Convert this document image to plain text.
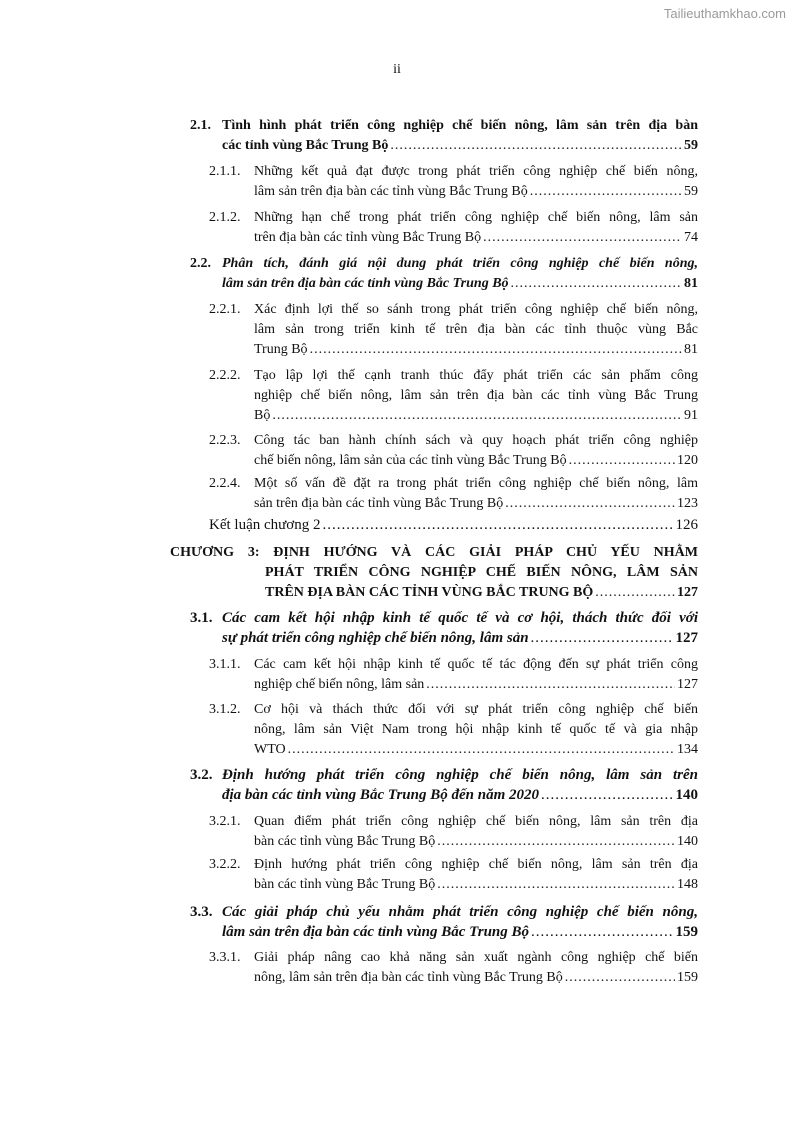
Tailieuthamkhao.com
ii
2.1. Tình hình phát triển công nghiệp chế biến nông, lâm sản trên địa bàn
các tỉnh vùng Bắc Trung Bộ .....	59
2.1.1. Những kết quả đạt được trong phát triển công nghiệp chế biến nông,
lâm sản trên địa bàn các tỉnh vùng Bắc Trung Bộ .....	59
2.1.2. Những hạn chế trong phát triển công nghiệp chế biến nông, lâm sản
trên địa bàn các tỉnh vùng Bắc Trung Bộ .....	74
2.2. Phân tích, đánh giá nội dung phát triển công nghiệp chế biến nông,
lâm sản trên địa bàn các tỉnh vùng Bắc Trung Bộ .....	81
2.2.1. Xác định lợi thế so sánh trong phát triển công nghiệp chế biến nông,
lâm sản trong triển kinh tế trên địa bàn các tỉnh thuộc vùng Bắc
Trung Bộ .....	81
2.2.2. Tạo lập lợi thế cạnh tranh thúc đẩy phát triển các sản phẩm công
nghiệp chế biến nông, lâm sản trên địa bàn các tỉnh vùng Bắc Trung
Bộ .....	91
2.2.3. Công tác ban hành chính sách và quy hoạch phát triển công nghiệp
chế biến nông, lâm sản của các tỉnh vùng Bắc Trung Bộ .....	120
2.2.4. Một số vấn đề đặt ra trong phát triển công nghiệp chế biến nông, lâm
sản trên địa bàn các tỉnh vùng Bắc Trung Bộ .....	123
Kết luận chương 2 .....	126
CHƯƠNG 3: ĐỊNH HƯỚNG VÀ CÁC GIẢI PHÁP CHỦ YẾU NHẰM
PHÁT TRIỂN CÔNG NGHIỆP CHẾ BIẾN NÔNG, LÂM SẢN
TRÊN ĐỊA BÀN CÁC TỈNH VÙNG BẮC TRUNG BỘ .....	127
3.1. Các cam kết hội nhập kinh tế quốc tế và cơ hội, thách thức đối với
sự phát triển công nghiệp chế biến nông, lâm sản .....	127
3.1.1. Các cam kết hội nhập kinh tế quốc tế tác động đến sự phát triển công
nghiệp chế biến nông, lâm sản .....	127
3.1.2. Cơ hội và thách thức đối với sự phát triển công nghiệp chế biến
nông, lâm sản Việt Nam trong hội nhập kinh tế quốc tế và gia nhập
WTO .....	134
3.2. Định hướng phát triển công nghiệp chế biến nông, lâm sản trên
địa bàn các tỉnh vùng Bắc Trung Bộ đến năm 2020 .....	140
3.2.1. Quan điểm phát triển công nghiệp chế biến nông, lâm sản trên địa
bàn các tỉnh vùng Bắc Trung Bộ .....	140
3.2.2. Định hướng phát triển công nghiệp chế biến nông, lâm sản trên địa
bàn các tỉnh vùng Bắc Trung Bộ .....	148
3.3. Các giải pháp chủ yếu nhằm phát triển công nghiệp chế biến nông,
lâm sản trên địa bàn các tỉnh vùng Bắc Trung Bộ .....	159
3.3.1. Giải pháp nâng cao khả năng sản xuất ngành công nghiệp chế biến
nông, lâm sản trên địa bàn các tỉnh vùng Bắc Trung Bộ .....	159
